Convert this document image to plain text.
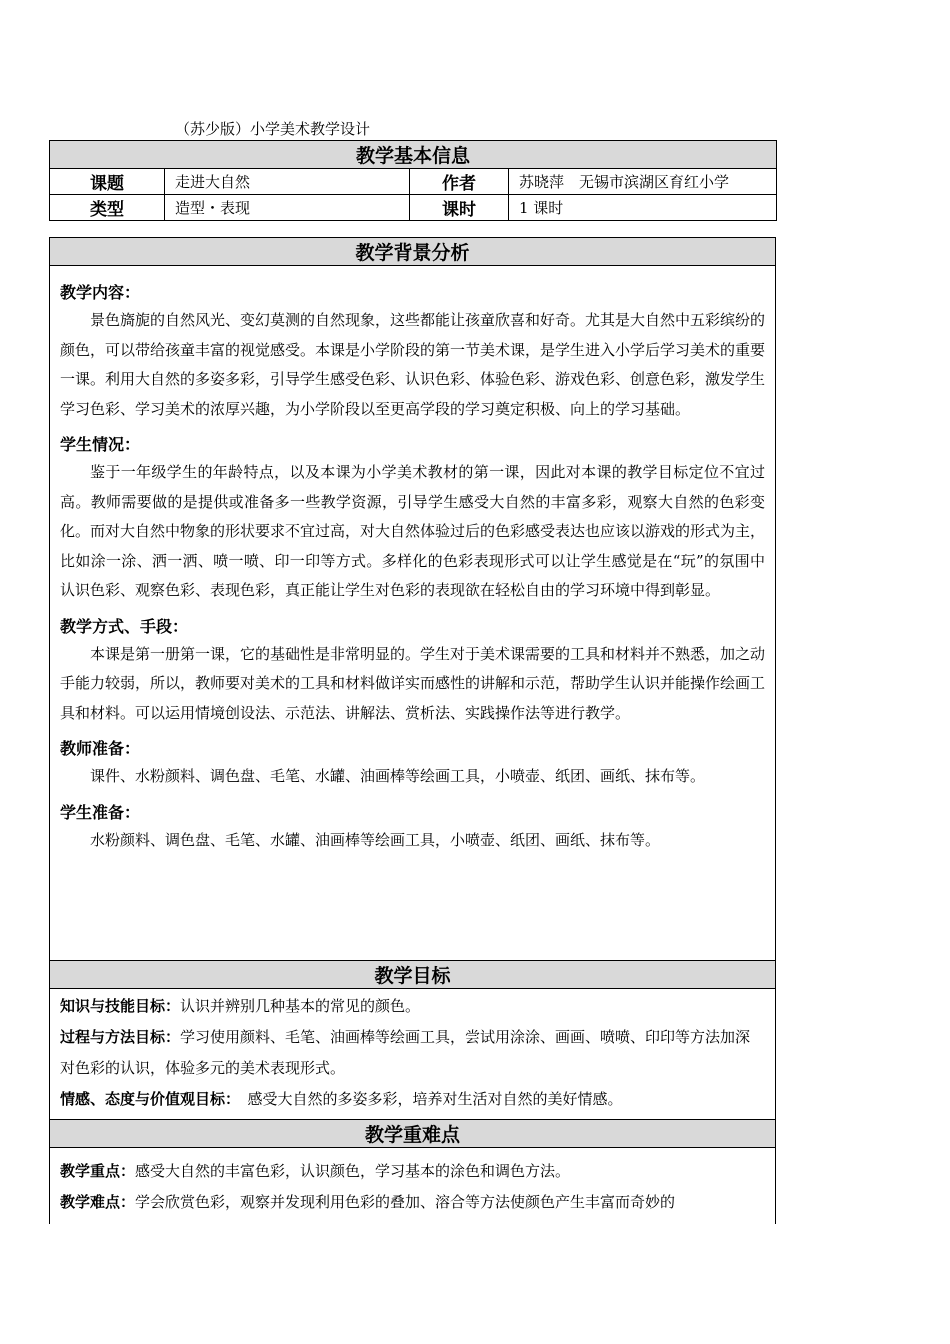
（苏少版）小学美术教学设计
教学基本信息			
课题	走进大自然	作者	苏晓萍　无锡市滨湖区育红小学
类型	造型・表现	课时	1 课时
教学背景分析

教学内容：
景色旖旎的自然风光、变幻莫测的自然现象，这些都能让孩童欣喜和好奇。尤其是大自然中五彩缤纷的颜色，可以带给孩童丰富的视觉感受。本课是小学阶段的第一节美术课，是学生进入小学后学习美术的重要一课。利用大自然的多姿多彩，引导学生感受色彩、认识色彩、体验色彩、游戏色彩、创意色彩，激发学生学习色彩、学习美术的浓厚兴趣，为小学阶段以至更高学段的学习奠定积极、向上的学习基础。
学生情况：
鉴于一年级学生的年龄特点，以及本课为小学美术教材的第一课，因此对本课的教学目标定位不宜过高。教师需要做的是提供或准备多一些教学资源，引导学生感受大自然的丰富多彩，观察大自然的色彩变化。而对大自然中物象的形状要求不宜过高，对大自然体验过后的色彩感受表达也应该以游戏的形式为主，比如涂一涂、洒一洒、喷一喷、印一印等方式。多样化的色彩表现形式可以让学生感觉是在“玩”的氛围中认识色彩、观察色彩、表现色彩，真正能让学生对色彩的表现欲在轻松自由的学习环境中得到彰显。
教学方式、手段：
本课是第一册第一课，它的基础性是非常明显的。学生对于美术课需要的工具和材料并不熟悉，加之动手能力较弱，所以，教师要对美术的工具和材料做详实而感性的讲解和示范，帮助学生认识并能操作绘画工具和材料。可以运用情境创设法、示范法、讲解法、赏析法、实践操作法等进行教学。
教师准备：
课件、水粉颜料、调色盘、毛笔、水罐、油画棒等绘画工具，小喷壶、纸团、画纸、抹布等。
学生准备：
水粉颜料、调色盘、毛笔、水罐、油画棒等绘画工具，小喷壶、纸团、画纸、抹布等。

教学目标

知识与技能目标：认识并辨别几种基本的常见的颜色。
过程与方法目标：学习使用颜料、毛笔、油画棒等绘画工具，尝试用涂涂、画画、喷喷、印印等方法加深对色彩的认识，体验多元的美术表现形式。
情感、态度与价值观目标：　感受大自然的多姿多彩，培养对生活对自然的美好情感。

教学重难点

教学重点：感受大自然的丰富色彩，认识颜色，学习基本的涂色和调色方法。
教学难点：学会欣赏色彩，观察并发现利用色彩的叠加、溶合等方法使颜色产生丰富而奇妙的
